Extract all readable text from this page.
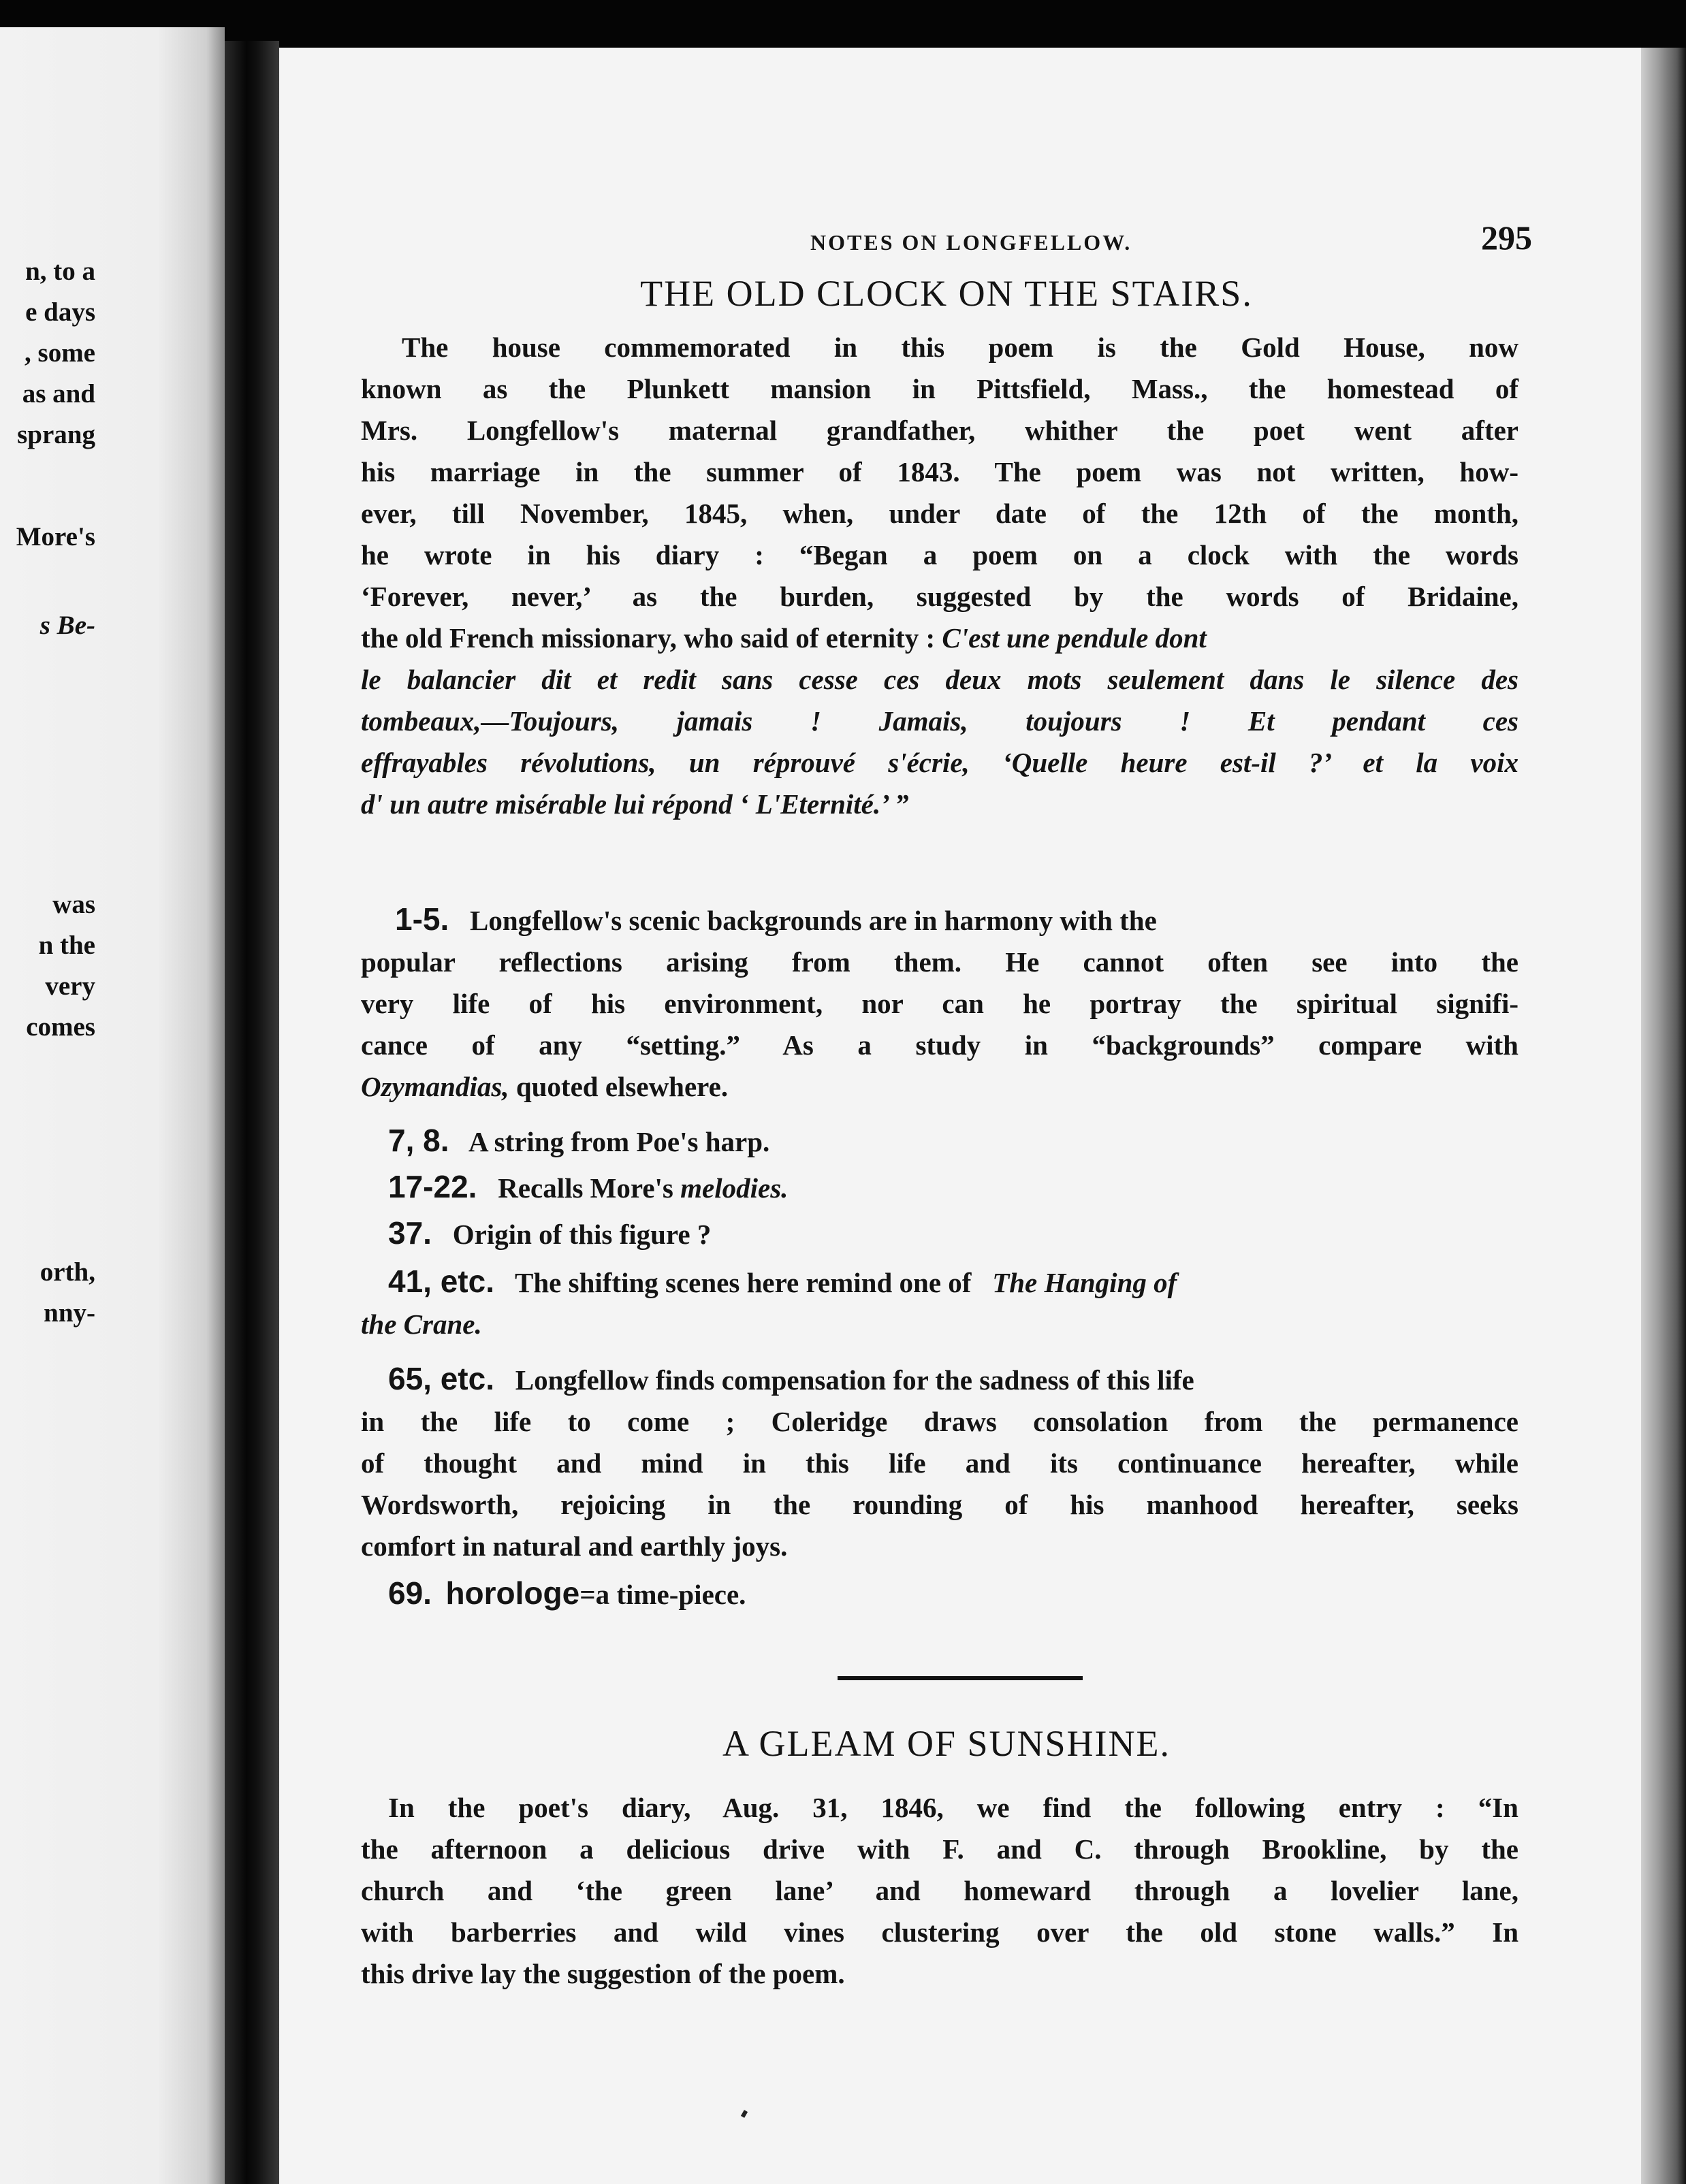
n, to a
e days
, some
as and
sprang
More's
s Be-
was
n the
very
comes
orth,
nny-
NOTES ON LONGFELLOW.	295
THE OLD CLOCK ON THE STAIRS.
The house commemorated in this poem is the Gold House, now
known as the Plunkett mansion in Pittsfield, Mass., the homestead of
Mrs. Longfellow's maternal grandfather, whither the poet went after
his marriage in the summer of 1843. The poem was not written, how-
ever, till November, 1845, when, under date of the 12th of the month,
he wrote in his diary : “Began a poem on a clock with the words
‘Forever, never,’ as the burden, suggested by the words of Bridaine,
the old French missionary, who said of eternity : C'est une pendule dont
le balancier dit et redit sans cesse ces deux mots seulement dans le silence des
tombeaux,—Toujours, jamais ! Jamais, toujours ! Et pendant ces
effrayables révolutions, un réprouvé s'écrie, ‘Quelle heure est-il ?’ et la voix
d' un autre misérable lui répond ‘ L'Eternité.’ ”
1-5. Longfellow's scenic backgrounds are in harmony with the
popular reflections arising from them. He cannot often see into the
very life of his environment, nor can he portray the spiritual signifi-
cance of any “setting.” As a study in “backgrounds” compare with
Ozymandias, quoted elsewhere.
7, 8. A string from Poe's harp.
17-22. Recalls More's melodies.
37. Origin of this figure ?
41, etc. The shifting scenes here remind one of The Hanging of
the Crane.
65, etc. Longfellow finds compensation for the sadness of this life
in the life to come ; Coleridge draws consolation from the permanence
of thought and mind in this life and its continuance hereafter, while
Wordsworth, rejoicing in the rounding of his manhood hereafter, seeks
comfort in natural and earthly joys.
69. horologe=a time-piece.
A GLEAM OF SUNSHINE.
In the poet's diary, Aug. 31, 1846, we find the following entry : “In
the afternoon a delicious drive with F. and C. through Brookline, by the
church and ‘the green lane’ and homeward through a lovelier lane,
with barberries and wild vines clustering over the old stone walls.” In
this drive lay the suggestion of the poem.
